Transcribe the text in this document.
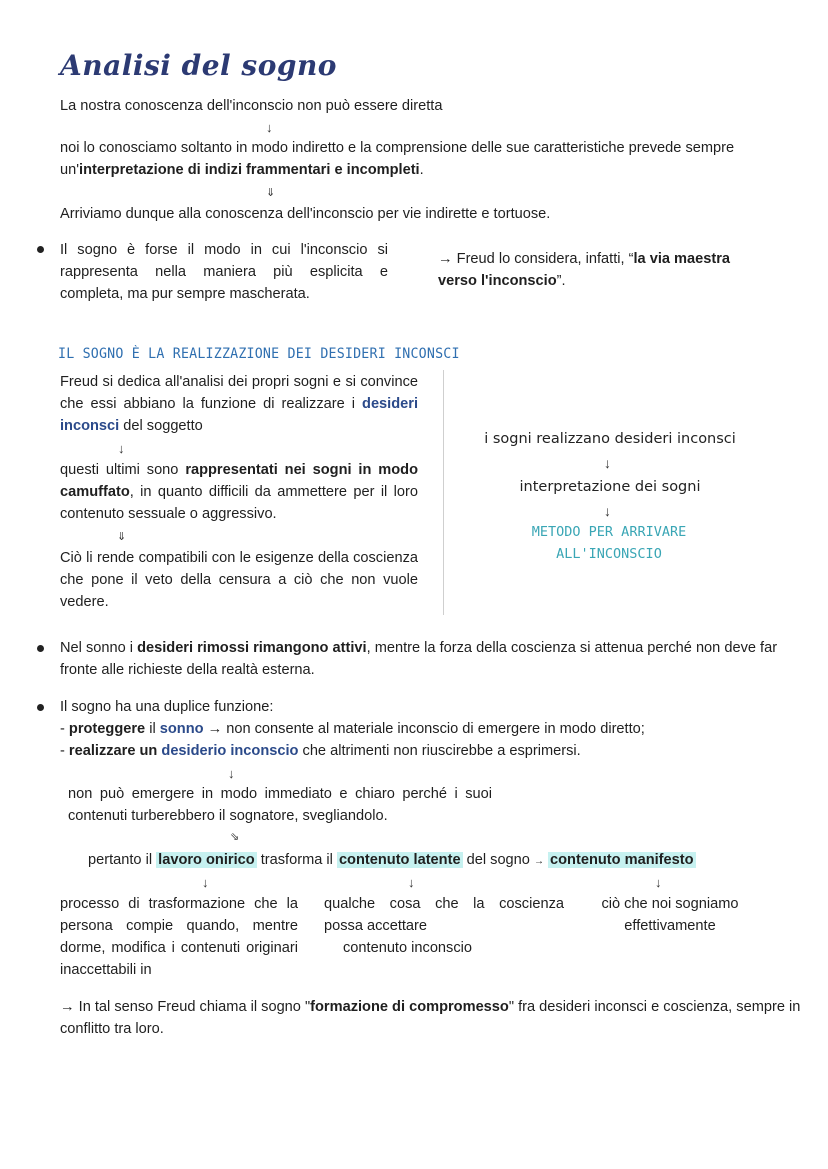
Analisi del sogno
La nostra conoscenza dell'inconscio non può essere diretta
↓
noi lo conosciamo soltanto in modo indiretto e la comprensione delle sue caratteristiche prevede sempre un'interpretazione di indizi frammentari e incompleti.
⇓
Arriviamo dunque alla conoscenza dell'inconscio per vie indirette e tortuose.
Il sogno è forse il modo in cui l'inconscio si rappresenta nella maniera più esplicita e completa, ma pur sempre mascherata.
→ Freud lo considera, infatti, “la via maestra verso l'inconscio”.
IL SOGNO È LA REALIZZAZIONE DEI DESIDERI INCONSCI
Freud si dedica all'analisi dei propri sogni e si convince che essi abbiano la funzione di realizzare i desideri inconsci del soggetto
↓
questi ultimi sono rappresentati nei sogni in modo camuffato, in quanto difficili da ammettere per il loro contenuto sessuale o aggressivo.
⇓
Ciò li rende compatibili con le esigenze della coscienza che pone il veto della censura a ciò che non vuole vedere.
i sogni realizzano desideri inconsci
↓
interpretazione dei sogni
↓
METODO PER ARRIVARE ALL'INCONSCIO
Nel sonno i desideri rimossi rimangono attivi, mentre la forza della coscienza si attenua perché non deve far fronte alle richieste della realtà esterna.
Il sogno ha una duplice funzione:
- proteggere il sonno → non consente al materiale inconscio di emergere in modo diretto;
- realizzare un desiderio inconscio che altrimenti non riuscirebbe a esprimersi.
↓
non può emergere in modo immediato e chiaro perché i suoi contenuti turberebbero il sognatore, svegliandolo.
⇘
pertanto il lavoro onirico trasforma il contenuto latente del sogno → contenuto manifesto
↓	↓	↓
processo di trasformazione che la persona compie quando, mentre dorme, modifica i contenuti originari inaccettabili in
qualche cosa che la coscienza possa accettare
contenuto inconscio
ciò che noi sogniamo
effettivamente
→ In tal senso Freud chiama il sogno "formazione di compromesso" fra desideri inconsci e coscienza, sempre in conflitto tra loro.
